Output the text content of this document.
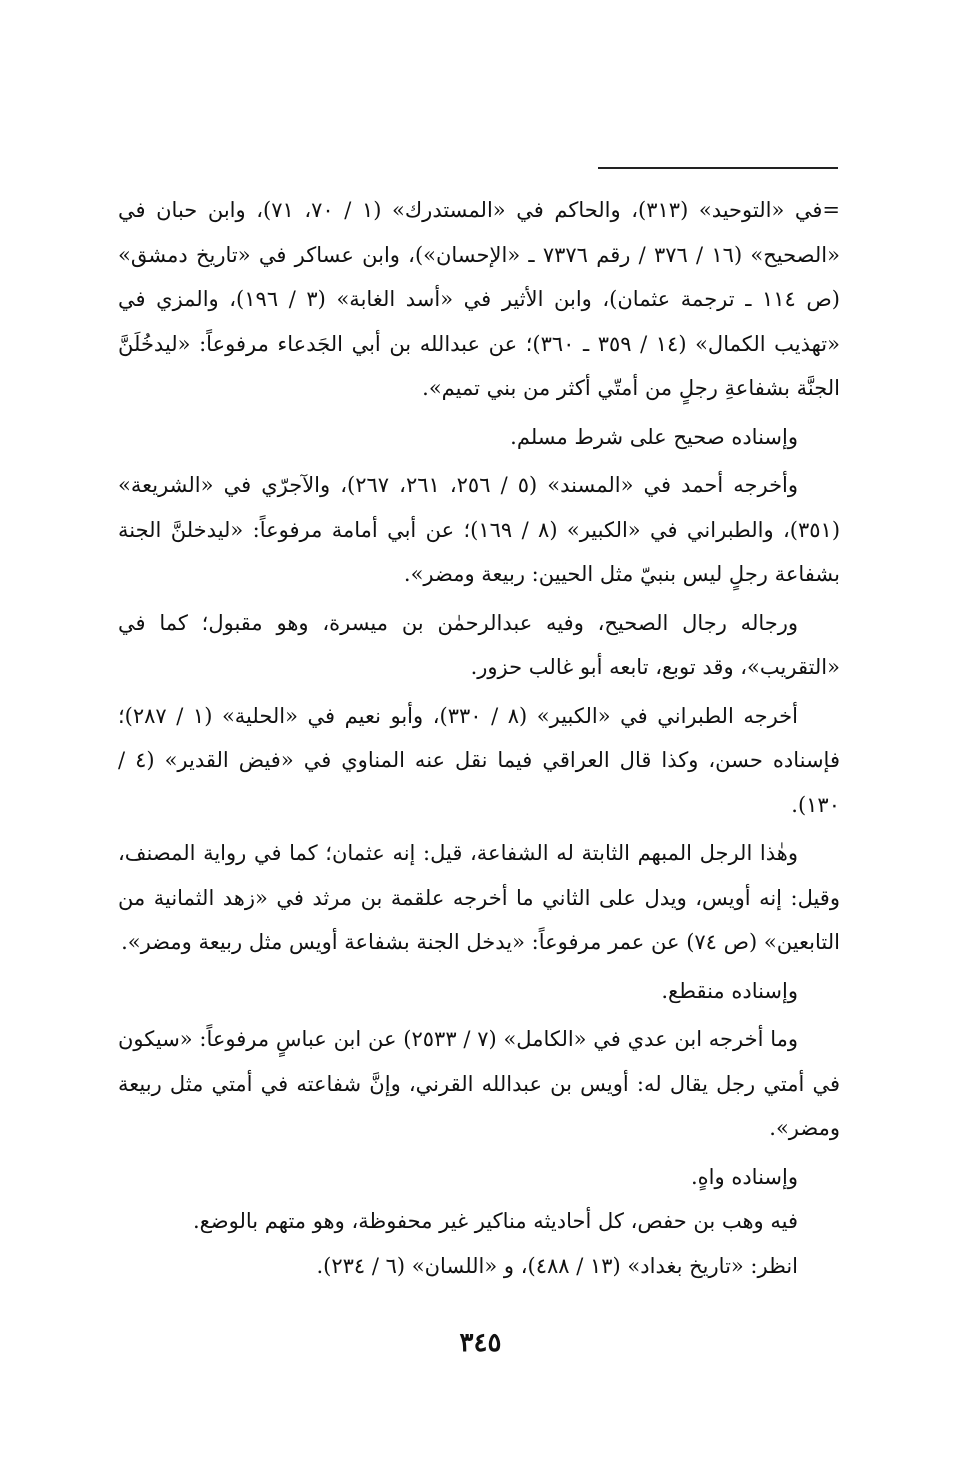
=في «التوحيد» (٣١٣)، والحاكم في «المستدرك» (١ / ٧٠، ٧١)، وابن حبان في «الصحيح» (١٦ / ٣٧٦ / رقم ٧٣٧٦ ـ «الإحسان»)، وابن عساكر في «تاريخ دمشق» (ص ١١٤ ـ ترجمة عثمان)، وابن الأثير في «أسد الغابة» (٣ / ١٩٦)، والمزي في «تهذيب الكمال» (١٤ / ٣٥٩ ـ ٣٦٠)؛ عن عبدالله بن أبي الجَدعاء مرفوعاً: «ليدخُلَنَّ الجنَّة بشفاعةِ رجلٍ من أمتّي أكثر من بني تميم».

وإسناده صحيح على شرط مسلم.

وأخرجه أحمد في «المسند» (٥ / ٢٥٦، ٢٦١، ٢٦٧)، والآجرّي في «الشريعة» (٣٥١)، والطبراني في «الكبير» (٨ / ١٦٩)؛ عن أبي أمامة مرفوعاً: «ليدخلنَّ الجنة بشفاعة رجلٍ ليس بنبيّ مثل الحيين: ربيعة ومضر».

ورجاله رجال الصحيح، وفيه عبدالرحمٰن بن ميسرة، وهو مقبول؛ كما في «التقريب»، وقد توبع، تابعه أبو غالب حزور.

أخرجه الطبراني في «الكبير» (٨ / ٣٣٠)، وأبو نعيم في «الحلية» (١ / ٢٨٧)؛ فإسناده حسن، وكذا قال العراقي فيما نقل عنه المناوي في «فيض القدير» (٤ / ١٣٠).

وهٰذا الرجل المبهم الثابتة له الشفاعة، قيل: إنه عثمان؛ كما في رواية المصنف، وقيل: إنه أويس، ويدل على الثاني ما أخرجه علقمة بن مرثد في «زهد الثمانية من التابعين» (ص ٧٤) عن عمر مرفوعاً: «يدخل الجنة بشفاعة أويس مثل ربيعة ومضر».

وإسناده منقطع.

وما أخرجه ابن عدي في «الكامل» (٧ / ٢٥٣٣) عن ابن عباسٍ مرفوعاً: «سيكون في أمتي رجل يقال له: أويس بن عبدالله القرني، وإنَّ شفاعته في أمتي مثل ربيعة ومضر».

وإسناده واهٍ.

فيه وهب بن حفص، كل أحاديثه مناكير غير محفوظة، وهو متهم بالوضع.

انظر: «تاريخ بغداد» (١٣ / ٤٨٨)، و «اللسان» (٦ / ٢٣٤).

٣٤٥
